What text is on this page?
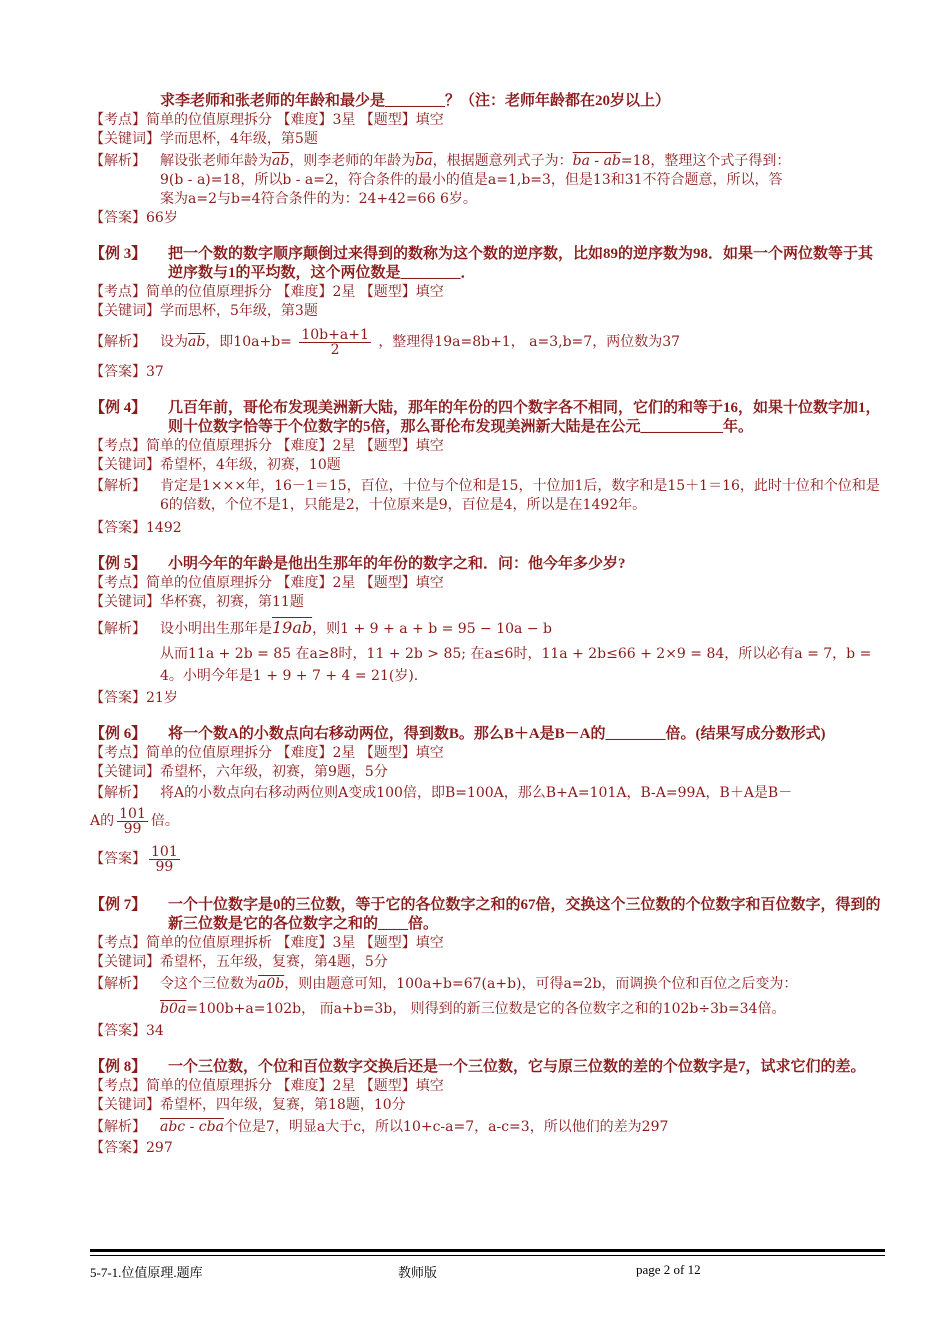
求李老师和张老师的年龄和最少是________？（注：老师年龄都在20岁以上）
【考点】简单的位值原理拆分 【难度】3星 【题型】填空
【关键词】学而思杯，4年级，第5题
【解析】	解设张老师年龄为$\overline{ab}$，则李老师的年龄为$\overline{ba}$，根据题意列式子为：ba - ab=18，整理这个式子得到：
9(b - a)=18，所以b - a=2，符合条件的最小的值是a=1,b=3，但是13和31不符合题意，所以，答
案为a=2与b=4符合条件的为：24+42=66 6岁。
【答案】66岁
【例 3】 把一个数的数字顺序颠倒过来得到的数称为这个数的逆序数，比如89的逆序数为98．如果一个两位数等于其逆序数与1的平均数，这个两位数是________．
【考点】简单的位值原理拆分 【难度】2星 【题型】填空
【关键词】学而思杯，5年级，第3题
【解析】	设为$\overline{ab}$，即$10a+b= \frac{10b+a+1}{2}$ ，整理得19a=8b+1， a=3,b=7，两位数为37
【答案】37
【例 4】 几百年前，哥伦布发现美洲新大陆，那年的年份的四个数字各不相同，它们的和等于16，如果十位数字加1，则十位数字恰等于个位数字的5倍，那么哥伦布发现美洲新大陆是在公元___________年。
【考点】简单的位值原理拆分 【难度】2星 【题型】填空
【关键词】希望杯，4年级，初赛，10题
【解析】	肯定是1×××年，16－1＝15，百位，十位与个位和是15，十位加1后，数字和是15＋1＝16，此时十位和个位和是6的倍数，个位不是1，只能是2，十位原来是9，百位是4，所以是在1492年。
【答案】1492
【例 5】 小明今年的年龄是他出生那年的年份的数字之和．问：他今年多少岁?
【考点】简单的位值原理拆分 【难度】2星 【题型】填空
【关键词】华杯赛，初赛，第11题
【解析】	设小明出生那年是19ab，则1 + 9 + a + b = 95 − 10a − b
从而11a + 2b = 85 在a≥8时，11 + 2b > 85; 在a≤6时，11a + 2b≤66 + 2×9 = 84，所以必有a = 7，b = 4。小明今年是1 + 9 + 7 + 4 = 21(岁).
【答案】21岁
【例 6】 将一个数A的小数点向右移动两位，得到数B。那么B＋A是B－A的________倍。(结果写成分数形式)
【考点】简单的位值原理拆分 【难度】2星 【题型】填空
【关键词】希望杯，六年级，初赛，第9题，5分
【解析】	将A的小数点向右移动两位则A变成100倍，即B=100A，那么B+A=101A，B-A=99A，B＋A是B－
A的 $\frac{101}{99}$ 倍。
【答案】 $\frac{101}{99}$
【例 7】 一个十位数字是0的三位数，等于它的各位数字之和的67倍，交换这个三位数的个位数字和百位数字，得到的新三位数是它的各位数字之和的____倍。
【考点】简单的位值原理拆析 【难度】3星 【题型】填空
【关键词】希望杯，五年级，复赛，第4题，5分
【解析】	令这个三位数为a0b，则由题意可知，100a+b=67(a+b)，可得a=2b，而调换个位和百位之后变为：
b0a=100b+a=102b， 而a+b=3b， 则得到的新三位数是它的各位数字之和的102b÷3b=34倍。
【答案】34
【例 8】 一个三位数，个位和百位数字交换后还是一个三位数，它与原三位数的差的个位数字是7，试求它们的差。
【考点】简单的位值原理拆分 【难度】2星 【题型】填空
【关键词】希望杯，四年级，复赛，第18题，10分
【解析】	abc - cba个位是7，明显a大于c，所以10+c-a=7，a-c=3，所以他们的差为297
【答案】297
5-7-1.位值原理.题库	教师版	page 2 of 12
